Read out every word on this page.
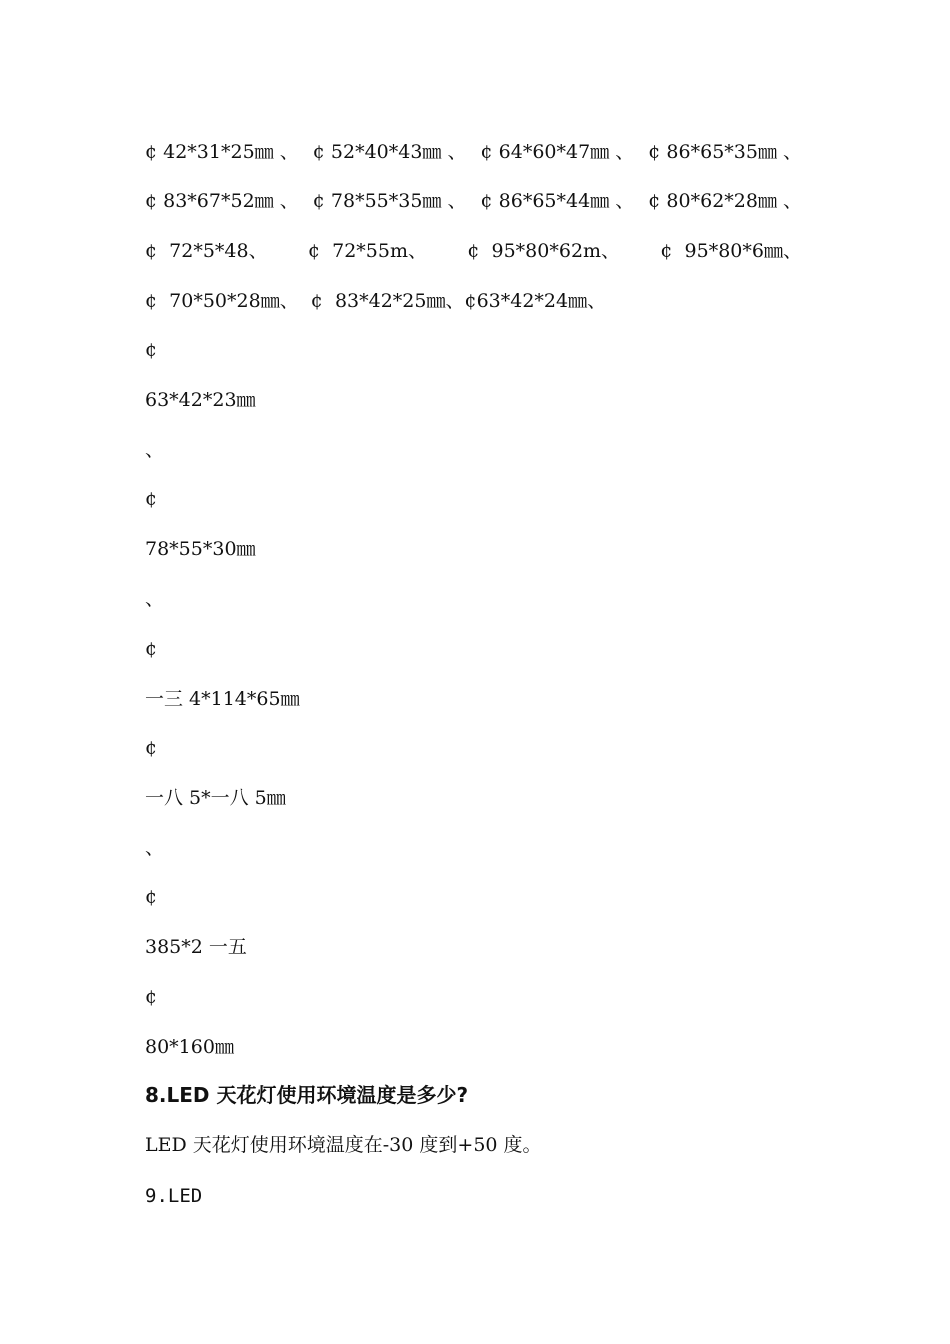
¢ 42*31*25㎜ 、 ¢ 52*40*43㎜ 、 ¢ 64*60*47㎜ 、 ¢ 86*65*35㎜ 、
¢ 83*67*52㎜ 、 ¢ 78*55*35㎜ 、 ¢ 86*65*44㎜ 、 ¢ 80*62*28㎜ 、
¢  72*5*48、 ¢  72*55m、 ¢  95*80*62m、 ¢  95*80*6㎜、
¢  70*50*28㎜、  ¢  83*42*25㎜、¢63*42*24㎜、
¢
63*42*23㎜
、
¢
78*55*30㎜
、
¢
一三 4*114*65㎜
¢
一八 5*一八 5㎜
、
¢
385*2 一五
¢
80*160㎜
8.LED 天花灯使用环境温度是多少?
LED 天花灯使用环境温度在-30 度到+50 度。
9.LED
